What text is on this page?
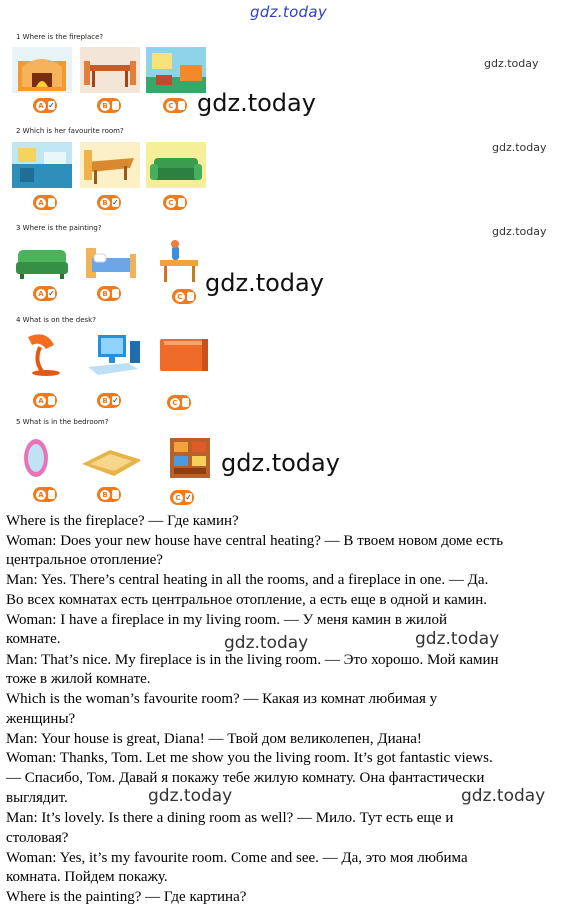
gdz.today
1 Where is the fireplace?
A ✓	B	C
2 Which is her favourite room?
A	B ✓	C
3 Where is the painting?
A ✓	B	C
4 What is on the desk?
A	B ✓	C
5 What is in the bedroom?
A	B	C ✓
gdz.today
gdz.today
gdz.today
gdz.today
gdz.today
gdz.today
gdz.today	gdz.today
gdz.today	gdz.today
Where is the fireplace? — Где камин?
Woman: Does your new house have central heating? — В твоем новом доме есть
центральное отопление?
Man: Yes. There’s central heating in all the rooms, and a fireplace in one. — Да.
Во всех комнатах есть центральное отопление, а есть еще в одной и камин.
Woman: I have a fireplace in my living room. — У меня камин в жилой
комнате.
Man: That’s nice. My fireplace is in the living room. — Это хорошо. Мой камин
тоже в жилой комнате.
Which is the woman’s favourite room? — Какая из комнат любимая у
женщины?
Man: Your house is great, Diana! — Твой дом великолепен, Диана!
Woman: Thanks, Tom. Let me show you the living room. It’s got fantastic views.
— Спасибо, Том. Давай я покажу тебе жилую комнату. Она фантастически
выглядит.
Man: It’s lovely. Is there a dining room as well? — Мило. Тут есть еще и
столовая?
Woman: Yes, it’s my favourite room. Come and see. — Да, это моя любима
комната. Пойдем покажу.
Where is the painting? — Где картина?
